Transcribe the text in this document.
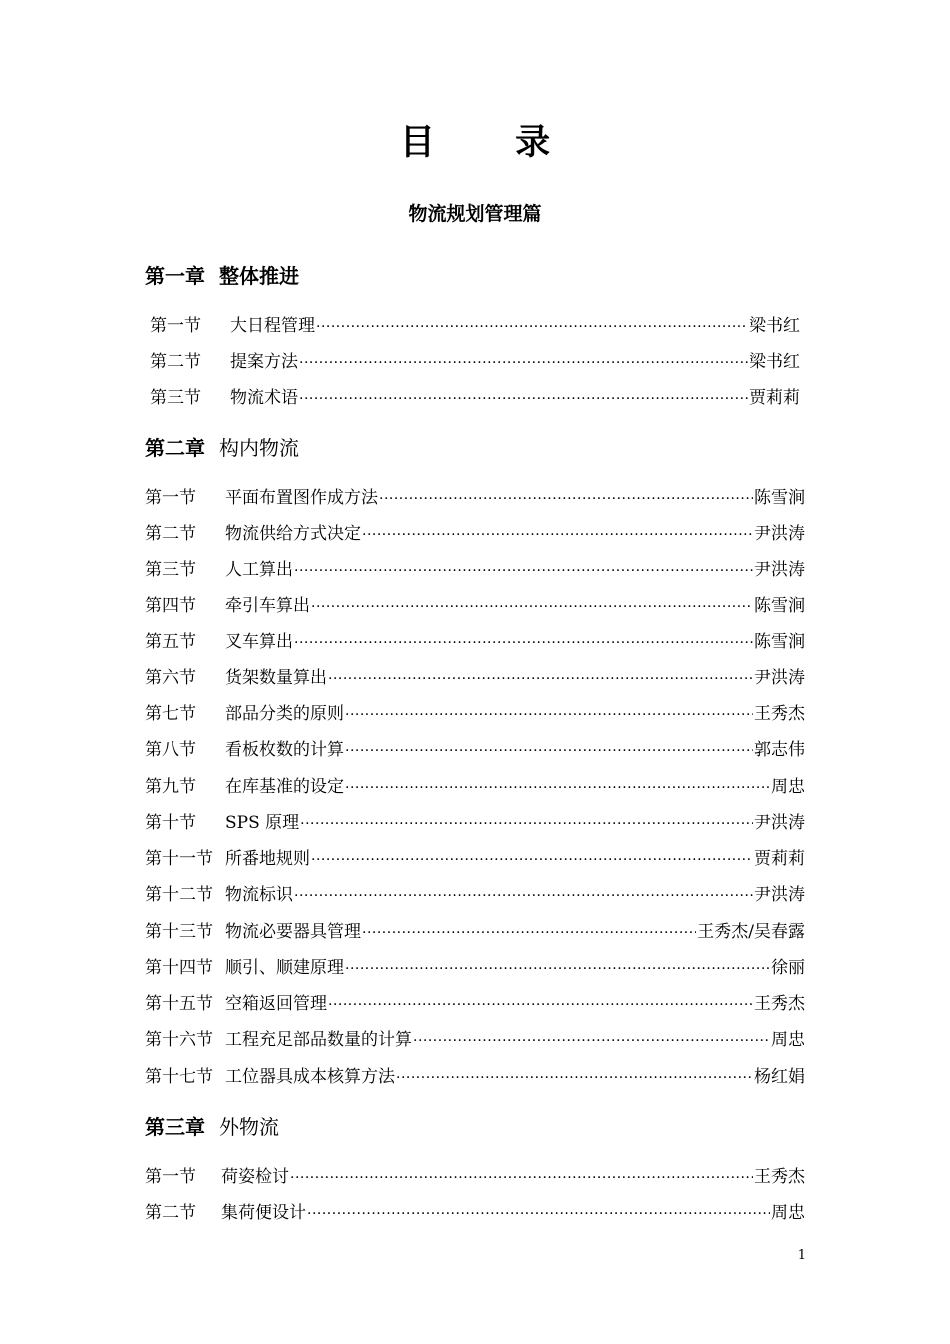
目 录
物流规划管理篇
第一章 整体推进
第一节	大日程管理 ·····	梁书红
第二节	提案方法 ·····	梁书红
第三节	物流术语 ·····	贾莉莉
第二章 构内物流
第一节	平面布置图作成方法 ·····	陈雪涧
第二节	物流供给方式决定 ·····	尹洪涛
第三节	人工算出 ·····	尹洪涛
第四节	牵引车算出 ·····	陈雪涧
第五节	叉车算出 ·····	陈雪涧
第六节	货架数量算出 ·····	尹洪涛
第七节	部品分类的原则 ·····	王秀杰
第八节	看板枚数的计算 ·····	郭志伟
第九节	在库基准的设定 ·····	周忠
第十节	SPS 原理 ·····	尹洪涛
第十一节 所番地规则 ·····	贾莉莉
第十二节 物流标识 ·····	尹洪涛
第十三节 物流必要器具管理 ·····	王秀杰/吴春露
第十四节 顺引、顺建原理 ·····	徐丽
第十五节 空箱返回管理 ·····	王秀杰
第十六节 工程充足部品数量的计算 ·····	周忠
第十七节 工位器具成本核算方法 ·····	杨红娟
第三章 外物流
第一节	荷姿检讨 ·····	王秀杰
第二节	集荷便设计 ·····	周忠
1
